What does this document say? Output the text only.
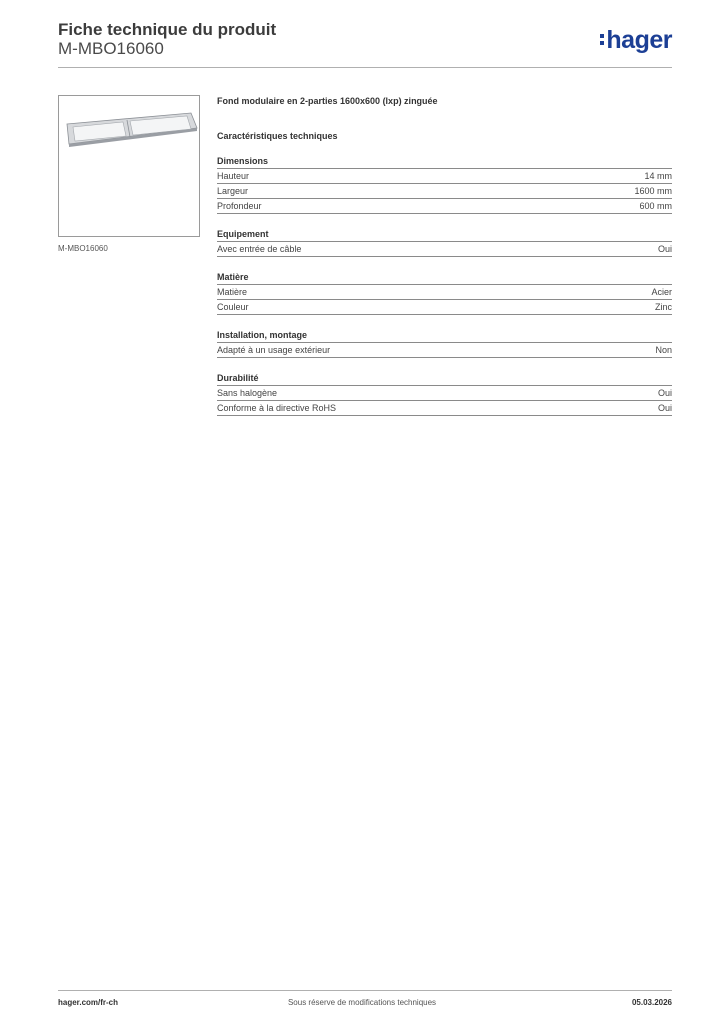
Fiche technique du produit
M-MBO16060	hager
M-MBO16060

Fond modulaire en 2-parties 1600x600 (lxp) zinguée

Caractéristiques techniques

Dimensions
Hauteur	14 mm
Largeur	1600 mm
Profondeur	600 mm
Equipement
Avec entrée de câble	Oui
Matière
Matière	Acier
Couleur	Zinc
Installation, montage
Adapté à un usage extérieur	Non
Durabilité
Sans halogène	Oui
Conforme à la directive RoHS	Oui
hager.com/fr-ch	Sous réserve de modifications techniques	05.03.2026
